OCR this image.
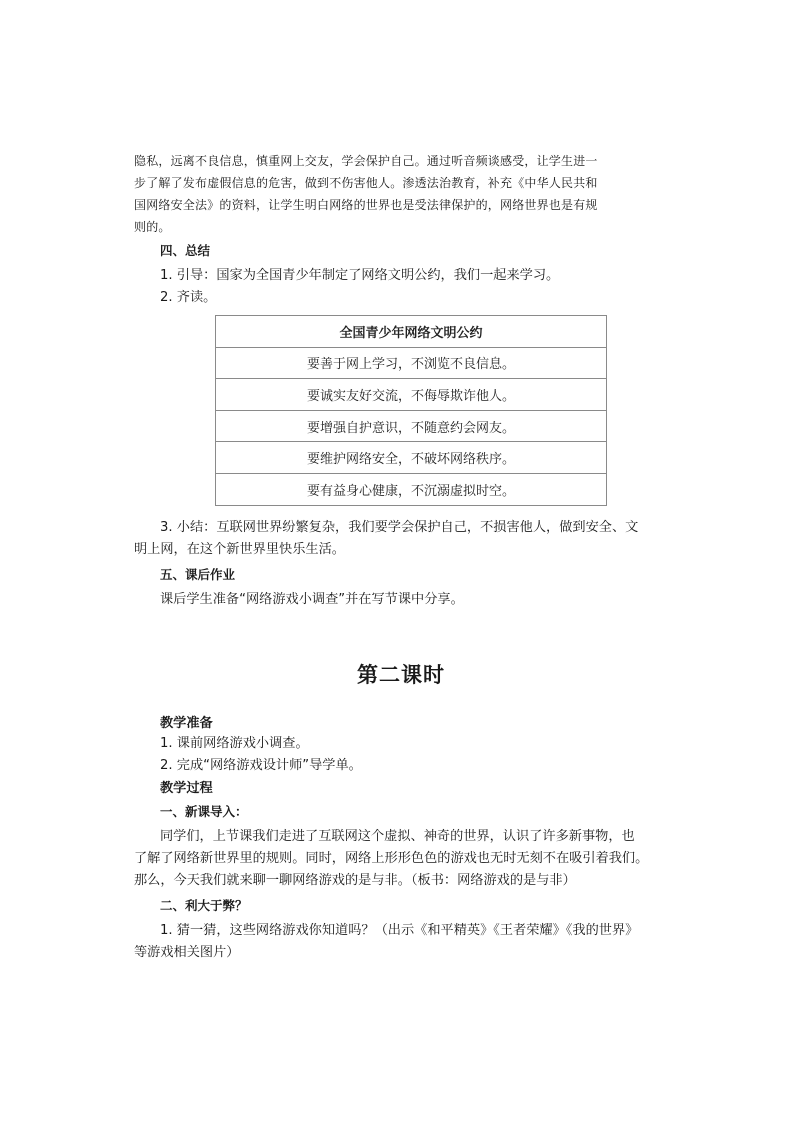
隐私，远离不良信息，慎重网上交友，学会保护自己。通过听音频谈感受，让学生进一

步了解了发布虚假信息的危害，做到不伤害他人。渗透法治教育，补充《中华人民共和

国网络安全法》的资料，让学生明白网络的世界也是受法律保护的，网络世界也是有规

则的。

四、总结

1. 引导：国家为全国青少年制定了网络文明公约，我们一起来学习。

2. 齐读。

全国青少年网络文明公约
要善于网上学习，不浏览不良信息。
要诚实友好交流，不侮辱欺诈他人。
要增强自护意识，不随意约会网友。
要维护网络安全，不破坏网络秩序。
要有益身心健康，不沉溺虚拟时空。

3. 小结：互联网世界纷繁复杂，我们要学会保护自己，不损害他人，做到安全、文

明上网，在这个新世界里快乐生活。

五、课后作业

课后学生准备“网络游戏小调查”并在写节课中分享。

第二课时

教学准备

1. 课前网络游戏小调查。

2. 完成“网络游戏设计师”导学单。

教学过程

一、新课导入：

同学们，上节课我们走进了互联网这个虚拟、神奇的世界，认识了许多新事物，也

了解了网络新世界里的规则。同时，网络上形形色色的游戏也无时无刻不在吸引着我们。

那么，今天我们就来聊一聊网络游戏的是与非。（板书：网络游戏的是与非）

二、利大于弊？

1. 猜一猜，这些网络游戏你知道吗？（出示《和平精英》《王者荣耀》《我的世界》

等游戏相关图片）
